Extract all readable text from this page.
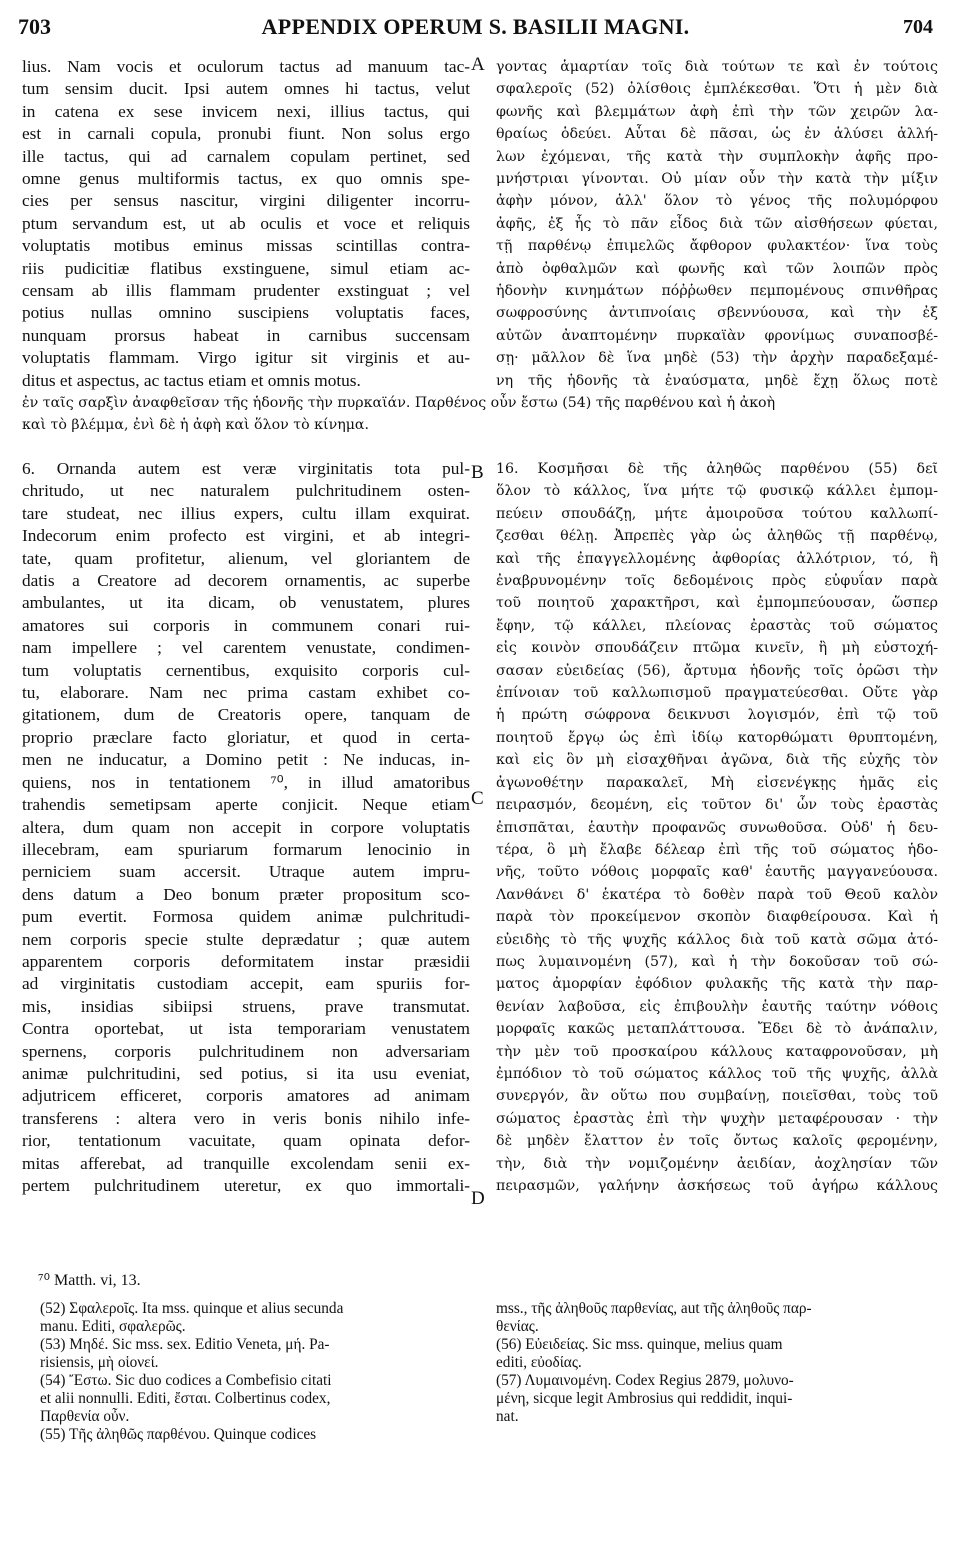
703	APPENDIX OPERUM S. BASILII MAGNI.	704
A
B
C
D
lius. Nam vocis et oculorum tactus ad manuum tac-
tum sensim ducit. Ipsi autem omnes hi tactus, velut
in catena ex sese invicem nexi, illius tactus, qui
est in carnali copula, pronubi fiunt. Non solus ergo
ille tactus, qui ad carnalem copulam pertinet, sed
omne genus multiformis tactus, ex quo omnis spe-
cies per sensus nascitur, virgini diligenter incorru-
ptum servandum est, ut ab oculis et voce et reliquis
voluptatis motibus eminus missas scintillas contra-
riis pudicitiæ flatibus exstinguene, simul etiam ac-
censam ab illis flammam prudenter exstinguat ; vel
potius nullas omnino suscipiens voluptatis faces,
nunquam prorsus habeat in carnibus succensam
voluptatis flammam. Virgo igitur sit virginis et au-
ditus et aspectus, ac tactus etiam et omnis motus.
γοντας ἁμαρτίαν τοῖς διὰ τούτων τε καὶ ἐν τούτοις
σφαλεροῖς (52) ὀλίσθοις ἐμπλέκεσθαι. Ὅτι ἡ μὲν διὰ
φωνῆς καὶ βλεμμάτων ἀφὴ ἐπὶ τὴν τῶν χειρῶν λα-
θραίως ὁδεύει. Αὗται δὲ πᾶσαι, ὡς ἐν ἁλύσει ἀλλή-
λων ἐχόμεναι, τῆς κατὰ τὴν συμπλοκὴν ἀφῆς προ-
μνήστριαι γίνονται. Οὐ μίαν οὖν τὴν κατὰ τὴν μίξιν
ἀφὴν μόνον, ἀλλ' ὅλον τὸ γένος τῆς πολυμόρφου
ἀφῆς, ἐξ ἧς τὸ πᾶν εἶδος διὰ τῶν αἰσθήσεων φύεται,
τῇ παρθένῳ ἐπιμελῶς ἄφθορον φυλακτέον· ἵνα τοὺς
ἀπὸ ὀφθαλμῶν καὶ φωνῆς καὶ τῶν λοιπῶν πρὸς
ἡδονὴν κινημάτων πόῤῥωθεν πεμπομένους σπινθῆρας
σωφροσύνης ἀντιπνοίαις σβεννύουσα, καὶ τὴν ἐξ
αὐτῶν ἀναπτομένην πυρκαϊὰν φρονίμως συναποσβέ-
σῃ· μᾶλλον δὲ ἵνα μηδὲ (53) τὴν ἀρχὴν παραδεξαμέ-
νη τῆς ἡδονῆς τὰ ἐναύσματα, μηδὲ ἔχῃ ὅλως ποτὲ
ἐν ταῖς σαρξὶν ἀναφθεῖσαν τῆς ἡδονῆς τὴν πυρκαϊάν. Παρθένος οὖν ἔστω (54) τῆς παρθένου καὶ ἡ ἀκοὴ
καὶ τὸ βλέμμα, ἐνὶ δὲ ἡ ἀφὴ καὶ ὅλον τὸ κίνημα.
6. Ornanda autem est veræ virginitatis tota pul-
chritudo, ut nec naturalem pulchritudinem osten-
tare studeat, nec illius expers, cultu illam exquirat.
Indecorum enim profecto est virgini, et ab integri-
tate, quam profitetur, alienum, vel gloriantem de
datis a Creatore ad decorem ornamentis, ac superbe
ambulantes, ut ita dicam, ob venustatem, plures
amatores sui corporis in communem conari rui-
nam impellere ; vel carentem venustate, condimen-
tum voluptatis cernentibus, exquisito corporis cul-
tu, elaborare. Nam nec prima castam exhibet co-
gitationem, dum de Creatoris opere, tanquam de
proprio præclare facto gloriatur, et quod in certa-
men ne inducatur, a Domino petit : Ne inducas, in-
quiens, nos in tentationem ⁷⁰, in illud amatoribus
trahendis semetipsam aperte conjicit. Neque etiam
altera, dum quam non accepit in corpore voluptatis
illecebram, eam spuriarum formarum lenocinio in
perniciem suam accersit. Utraque autem impru-
dens datum a Deo bonum præter propositum sco-
pum evertit. Formosa quidem animæ pulchritudi-
nem corporis specie stulte deprædatur ; quæ autem
apparentem corporis deformitatem instar præsidii
ad virginitatis custodiam accepit, eam spuriis for-
mis, insidias sibiipsi struens, prave transmutat.
Contra oportebat, ut ista temporariam venustatem
spernens, corporis pulchritudinem non adversariam
animæ pulchritudini, sed potius, si ita usu eveniat,
adjutricem efficeret, corporis amatores ad animam
transferens : altera vero in veris bonis nihilo infe-
rior, tentationum vacuitate, quam opinata defor-
mitas afferebat, ad tranquille excolendam senii ex-
pertem pulchritudinem uteretur, ex quo immortali-
16. Κοσμῆσαι δὲ τῆς ἀληθῶς παρθένου (55) δεῖ
ὅλον τὸ κάλλος, ἵνα μήτε τῷ φυσικῷ κάλλει ἐμπομ-
πεύειν σπουδάζῃ, μήτε ἀμοιροῦσα τούτου καλλωπί-
ζεσθαι θέλῃ. Ἀπρεπὲς γὰρ ὡς ἀληθῶς τῇ παρθένῳ,
καὶ τῆς ἐπαγγελλομένης ἀφθορίας ἀλλότριον, τό, ἢ
ἐναβρυνομένην τοῖς δεδομένοις πρὸς εὐφυΐαν παρὰ
τοῦ ποιητοῦ χαρακτῆρσι, καὶ ἐμπομπεύουσαν, ὥσπερ
ἔφην, τῷ κάλλει, πλείονας ἐραστὰς τοῦ σώματος
εἰς κοινὸν σπουδάζειν πτῶμα κινεῖν, ἢ μὴ εὐστοχή-
σασαν εὐειδείας (56), ἄρτυμα ἡδονῆς τοῖς ὁρῶσι τὴν
ἐπίνοιαν τοῦ καλλωπισμοῦ πραγματεύεσθαι. Οὔτε γὰρ
ἡ πρώτη σώφρονα δεικνυσι λογισμόν, ἐπὶ τῷ τοῦ
ποιητοῦ ἔργῳ ὡς ἐπὶ ἰδίῳ κατορθώματι θρυπτομένη,
καὶ εἰς ὃν μὴ εἰσαχθῆναι ἀγῶνα, διὰ τῆς εὐχῆς τὸν
ἀγωνοθέτην παρακαλεῖ, Μὴ εἰσενέγκῃς ἡμᾶς εἰς
πειρασμόν, δεομένη, εἰς τοῦτον δι' ὧν τοὺς ἐραστὰς
ἐπισπᾶται, ἑαυτὴν προφανῶς συνωθοῦσα. Οὐδ' ἡ δευ-
τέρα, ὃ μὴ ἔλαβε δέλεαρ ἐπὶ τῆς τοῦ σώματος ἡδο-
νῆς, τοῦτο νόθοις μορφαῖς καθ' ἑαυτῆς μαγγανεύουσα.
Λανθάνει δ' ἑκατέρα τὸ δοθὲν παρὰ τοῦ Θεοῦ καλὸν
παρὰ τὸν προκείμενον σκοπὸν διαφθείρουσα. Καὶ ἡ
εὐειδὴς τὸ τῆς ψυχῆς κάλλος διὰ τοῦ κατὰ σῶμα ἀτό-
πως λυμαινομένη (57), καὶ ἡ τὴν δοκοῦσαν τοῦ σώ-
ματος ἀμορφίαν ἐφόδιον φυλακῆς τῆς κατὰ τὴν παρ-
θενίαν λαβοῦσα, εἰς ἐπιβουλὴν ἑαυτῆς ταύτην νόθοις
μορφαῖς κακῶς μεταπλάττουσα. Ἔδει δὲ τὸ ἀνάπαλιν,
τὴν μὲν τοῦ προσκαίρου κάλλους καταφρονοῦσαν, μὴ
ἐμπόδιον τὸ τοῦ σώματος κάλλος τοῦ τῆς ψυχῆς, ἀλλὰ
συνεργόν, ἂν οὕτω που συμβαίνῃ, ποιεῖσθαι, τοὺς τοῦ
σώματος ἐραστὰς ἐπὶ τὴν ψυχὴν μεταφέρουσαν · τὴν
δὲ μηδὲν ἔλαττον ἐν τοῖς ὄντως καλοῖς φερομένην,
τὴν, διὰ τὴν νομιζομένην ἀειδίαν, ἀοχλησίαν τῶν
πειρασμῶν, γαλήνην ἀσκήσεως τοῦ ἀγήρω κάλλους
⁷⁰ Matth. vi, 13.
(52) Σφαλεροῖς. Ita mss. quinque et alius secunda
manu. Editi, σφαλερῶς.
(53) Μηδέ. Sic mss. sex. Editio Veneta, μή. Pa-
risiensis, μὴ οἱονεί.
(54) Ἔστω. Sic duo codices a Combefisio citati
et alii nonnulli. Editi, ἔσται. Colbertinus codex,
Παρθενία οὖν.
(55) Τῆς ἀληθῶς παρθένου. Quinque codices
mss., τῆς ἀληθοῦς παρθενίας, aut τῆς ἀληθοῦς παρ-
θενίας.
(56) Εὐειδείας. Sic mss. quinque, melius quam
editi, εὐοδίας.
(57) Λυμαινομένη. Codex Regius 2879, μολυνο-
μένη, sicque legit Ambrosius qui reddidit, inqui-
nat.
